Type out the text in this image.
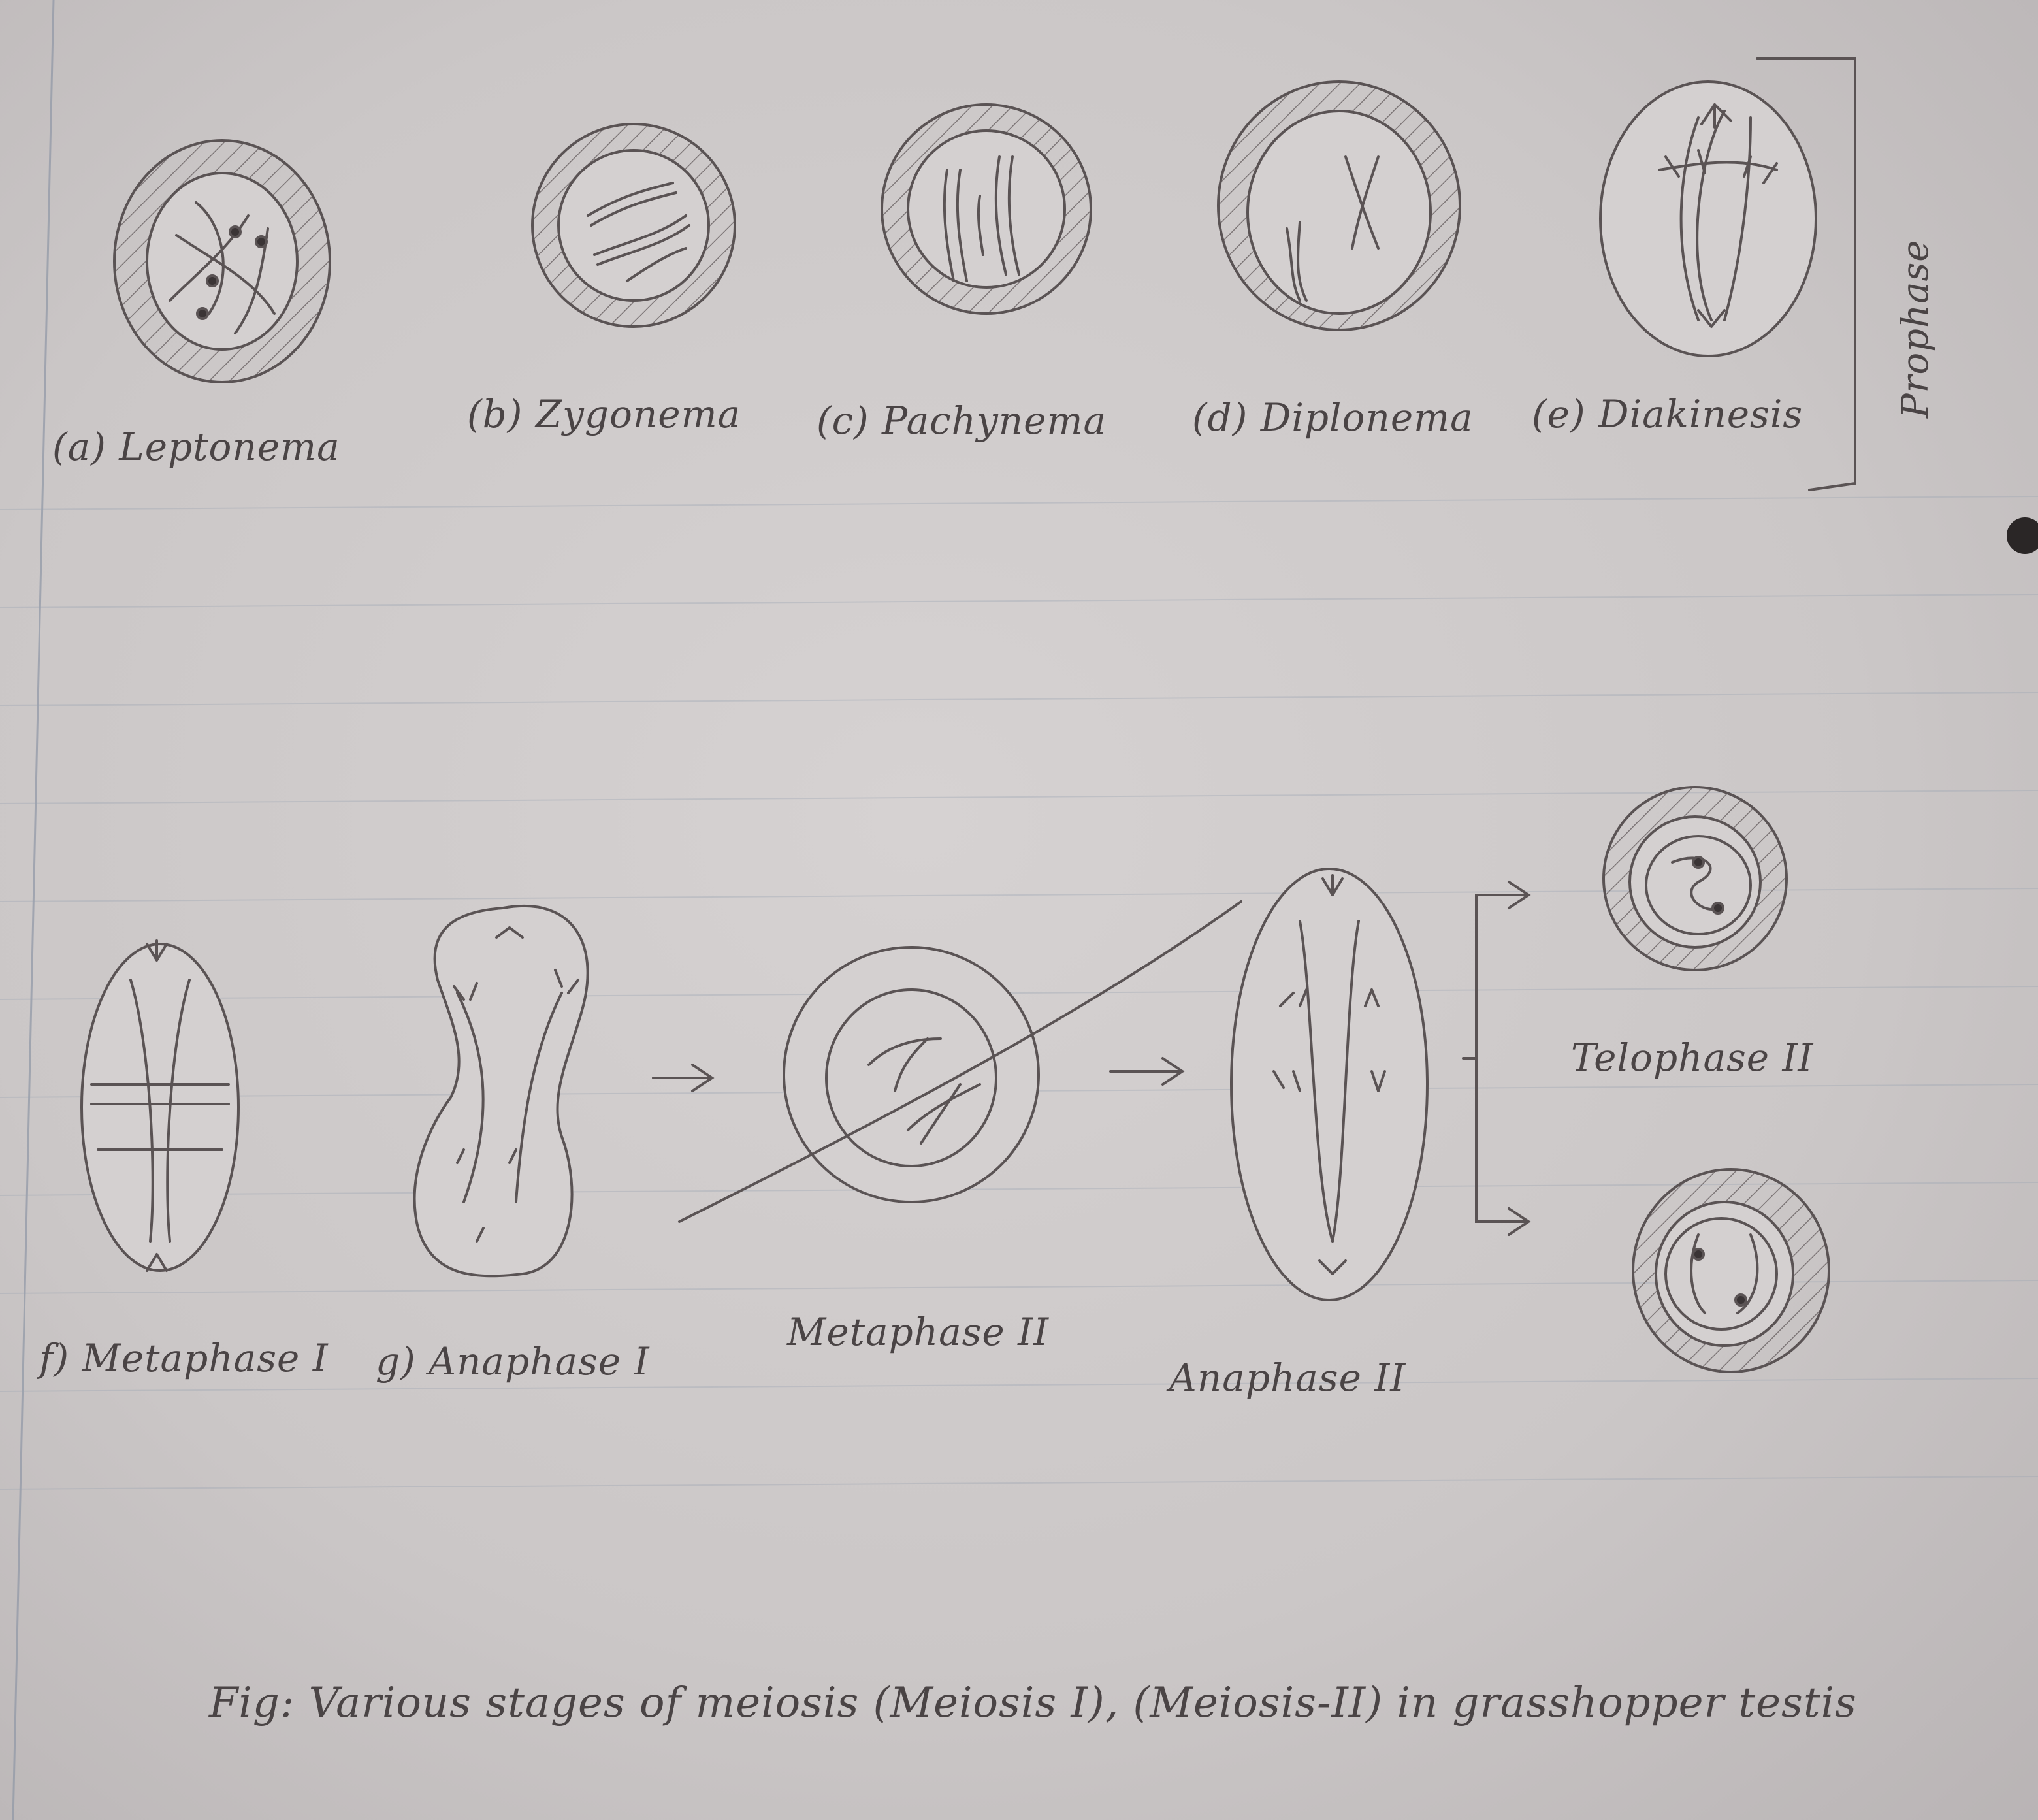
(a) Leptonema
(b) Zygonema (c) Pachynema (d) Diplonema (e) Diakinesis Prophase
f) Metaphase I g) Anaphase I
Metaphase II
Anaphase II
Telophase II
Fig: Various stages of meiosis (Meiosis I), (Meiosis-II) in grasshopper testis
